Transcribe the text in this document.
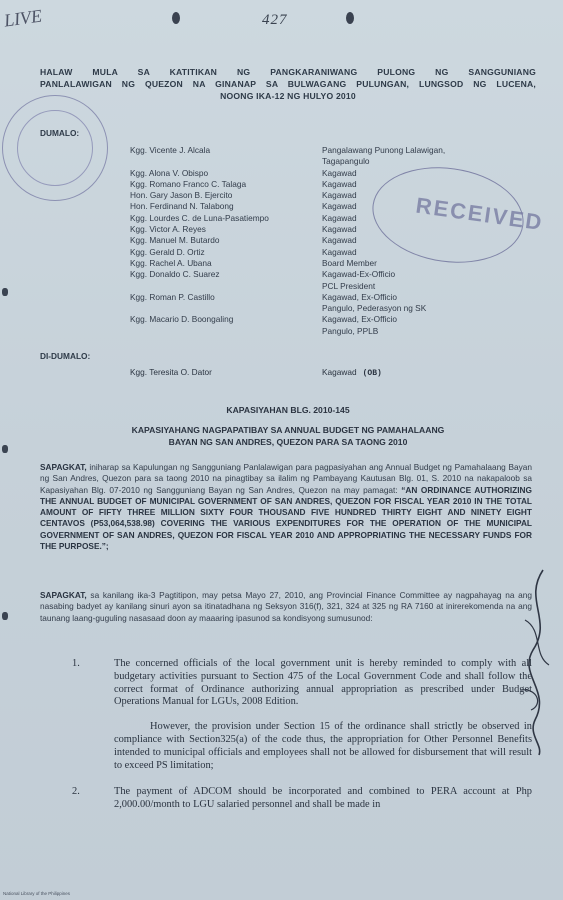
LIVE	427
HALAW MULA SA KATITIKAN NG PANGKARANIWANG PULONG NG SANGGUNIANG
PANLALAWIGAN NG QUEZON NA GINANAP SA BULWAGANG PULUNGAN, LUNGSOD NG LUCENA,
NOONG IKA-12 NG HULYO 2010
DUMALO:
Kgg. Vicente J. Alcala	Pangalawang Punong Lalawigan,
Tagapangulo
Kgg. Alona V. Obispo	Kagawad
Kgg. Romano Franco C. Talaga	Kagawad
Hon. Gary Jason B. Ejercito	Kagawad
Hon. Ferdinand N. Talabong	Kagawad
Kgg. Lourdes C. de Luna-Pasatiempo	Kagawad
Kgg. Victor A. Reyes	Kagawad
Kgg. Manuel M. Butardo	Kagawad
Kgg. Gerald D. Ortiz	Kagawad
Kgg. Rachel A. Ubana	Board Member
Kgg. Donaldo C. Suarez	Kagawad-Ex-Officio
PCL President
Kgg. Roman P. Castillo	Kagawad, Ex-Officio
Pangulo, Pederasyon ng SK
Kgg. Macario D. Boongaling	Kagawad, Ex-Officio
Pangulo, PPLB
RECEIVED
DI-DUMALO:
Kgg. Teresita O. Dator	Kagawad (OB)
KAPASIYAHAN BLG. 2010-145
KAPASIYAHANG NAGPAPATIBAY SA ANNUAL BUDGET NG PAMAHALAANG
BAYAN NG SAN ANDRES, QUEZON PARA SA TAONG 2010
SAPAGKAT, iniharap sa Kapulungan ng Sangguniang Panlalawigan para pagpasiyahan ang Annual Budget ng Pamahalaang Bayan ng San Andres, Quezon para sa taong 2010 na pinagtibay sa ilalim ng Pambayang Kautusan Blg. 01, S. 2010 na nakapaloob sa Kapasiyahan Blg. 07-2010 ng Sangguniang Bayan ng San Andres, Quezon na may pamagat: “AN ORDINANCE AUTHORIZING THE ANNUAL BUDGET OF MUNICIPAL GOVERNMENT OF SAN ANDRES, QUEZON FOR FISCAL YEAR 2010 IN THE TOTAL AMOUNT OF FIFTY THREE MILLION SIXTY FOUR THOUSAND FIVE HUNDRED THIRTY EIGHT AND NINETY EIGHT CENTAVOS (P53,064,538.98) COVERING THE VARIOUS EXPENDITURES FOR THE OPERATION OF THE MUNICIPAL GOVERNMENT OF SAN ANDRES, QUEZON FOR FISCAL YEAR 2010 AND APPROPRIATING THE NECESSARY FUNDS FOR THE PURPOSE.”;
SAPAGKAT, sa kanilang ika-3 Pagtitipon, may petsa Mayo 27, 2010, ang Provincial Finance Committee ay nagpahayag na ang nasabing badyet ay kanilang sinuri ayon sa itinatadhana ng Seksyon 316(f), 321, 324 at 325 ng RA 7160 at inirerekomenda na ang taunang laang-guguling nasasaad doon ay maaaring ipasunod sa kondisyong sumusunod:
1.	The concerned officials of the local government unit is hereby reminded to comply with all budgetary activities pursuant to Section 475 of the Local Government Code and shall follow the correct format of Ordinance authorizing annual appropriation as prescribed under Budget Operations Manual for LGUs, 2008 Edition.
However, the provision under Section 15 of the ordinance shall strictly be observed in compliance with Section325(a) of the code thus, the appropriation for Other Personnel Benefits intended to municipal officials and employees shall not be allowed for disbursement that will result to exceed PS limitation;
2.	The payment of ADCOM should be incorporated and combined to PERA account at Php 2,000.00/month to LGU salaried personnel and shall be made in
National Library of the Philippines
